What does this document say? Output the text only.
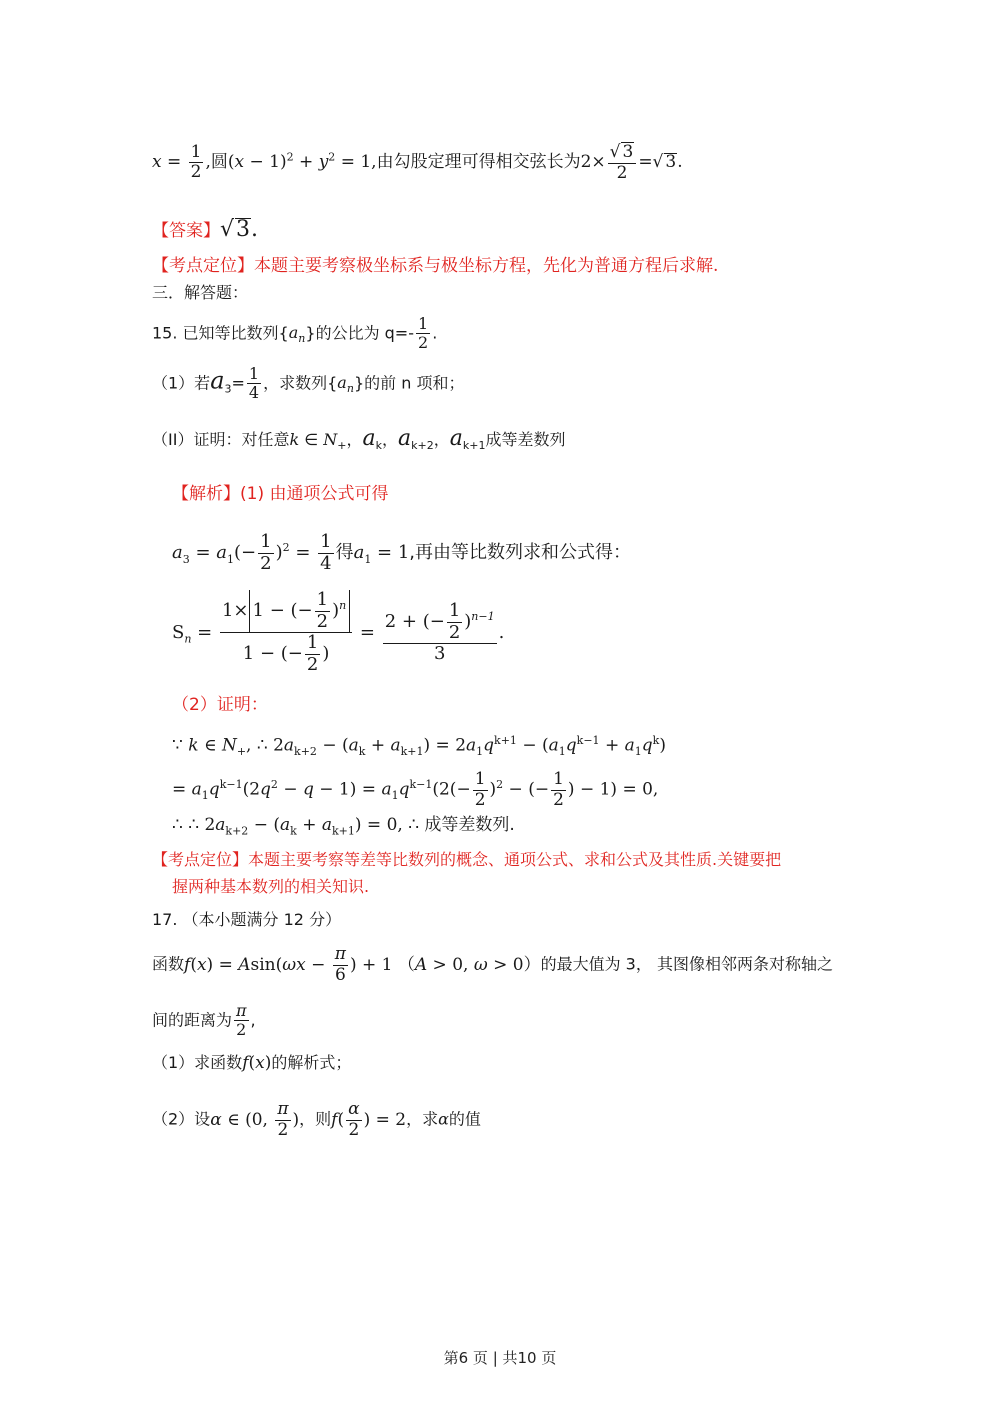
$x = \frac{1}{2}$ ,圆$(x - 1)^2 + y^2 = 1$,由勾股定理可得相交弦长为$2\times \frac{√ 3}{2}$ =√ 3.
【答案】√3.
【考点定位】本题主要考察极坐标系与极坐标方程，先化为普通方程后求解.
三．解答题：
15. 已知等比数列$\{a_n\}$的公比为 $q=- \frac{1}{2}$ .
（1）若$a_3= \frac{1}{4}$ ，求数列$\{a_n\}$的前 n 项和；
（II）证明：对任意k ∈ $N_+$，$a_k$，$a_{k+2}$，$a_{k+1}$成等差数列
【解析】(1) 由通项公式可得
$a_3 = a_1(- \frac{1}{2} )^2 = \frac{1}{4}$ 得$a_1 = 1$,再由等比数列求和公式得：
$S_n = \frac{1\times 1 - (- \frac{1}{2} )^n}{1 - (- \frac{1}{2} )} = \frac{2 + (- \frac{1}{2} )^{n-1}}{3}$ .
（2）证明：
∵ k ∈ $N_+$, ∴ $2a_{k+2} - (a_k + a_{k+1}) = 2a_1q^{k+1} - (a_1q^{k-1} + a_1q^k)$
= $a_1q^{k-1}(2q^2 - q - 1) = a_1q^{k-1}(2(- \frac{1}{2} )^2$ − (− $\frac{1}{2}$ ) − 1) = 0,
∴ ∴ $2a_{k+2} - (a_k + a_{k+1}) = 0$, ∴ 成等差数列.
【考点定位】本题主要考察等差等比数列的概念、通项公式、求和公式及其性质.关键要把
握两种基本数列的相关知识.
17. （本小题满分 12 分）
函数$f(x) = Asin(\omega x - \frac{\pi}{6}$ ) + 1 （A > 0, ω > 0）的最大值为 3， 其图像相邻两条对称轴之
间的距离为 $\frac{\pi}{2}$ ,
（1）求函数f(x)的解析式；
（2）设α ∈ (0, $\frac{\pi}{2}$ )，则$f( \frac{\alpha}{2}$ ) = 2，求α的值
第6 页 | 共10 页
